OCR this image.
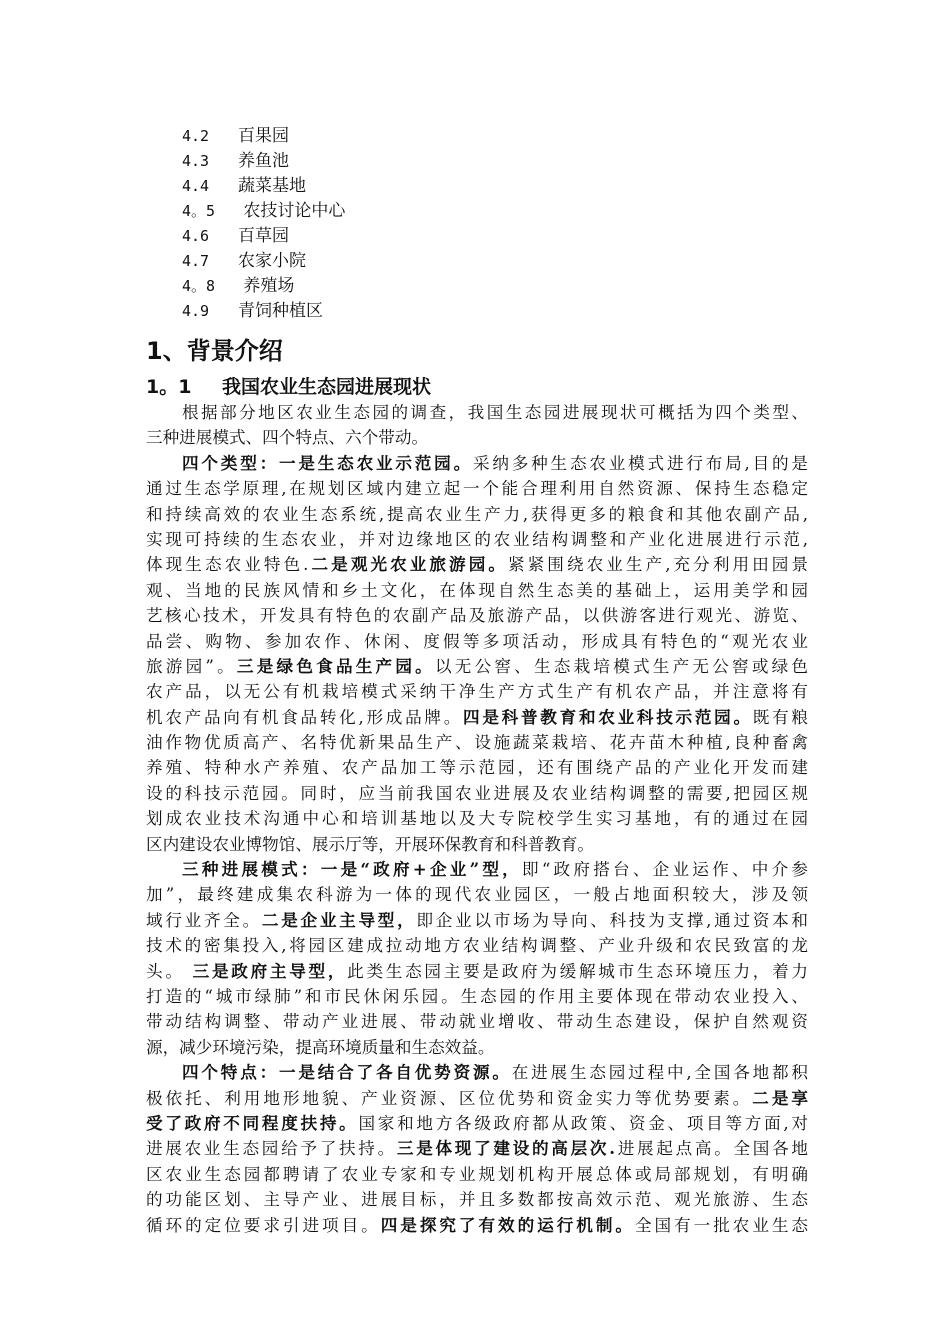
4.2 百果园
4.3 养鱼池
4.4 蔬菜基地
4。5 农技讨论中心
4.6 百草园
4.7 农家小院
4。8 养殖场
4.9 青饲种植区
1、背景介绍
1。1 我国农业生态园进展现状
根据部分地区农业生态园的调查，我国生态园进展现状可概括为四个类型、
三种进展模式、四个特点、六个带动。
四个类型：一是生态农业示范园。采纳多种生态农业模式进行布局,目的是
通过生态学原理,在规划区域内建立起一个能合理利用自然资源、保持生态稳定
和持续高效的农业生态系统,提高农业生产力,获得更多的粮食和其他农副产品,
实现可持续的生态农业，并对边缘地区的农业结构调整和产业化进展进行示范,
体现生态农业特色.二是观光农业旅游园。紧紧围绕农业生产,充分利用田园景
观、当地的民族风情和乡土文化，在体现自然生态美的基础上，运用美学和园
艺核心技术，开发具有特色的农副产品及旅游产品，以供游客进行观光、游览、
品尝、购物、参加农作、休闲、度假等多项活动，形成具有特色的“观光农业
旅游园”。三是绿色食品生产园。以无公窖、生态栽培模式生产无公窖或绿色
农产品，以无公有机栽培模式采纳干净生产方式生产有机农产品，并注意将有
机农产品向有机食品转化,形成品牌。四是科普教育和农业科技示范园。既有粮
油作物优质高产、名特优新果品生产、设施蔬菜栽培、花卉苗木种植,良种畜禽
养殖、特种水产养殖、农产品加工等示范园，还有围绕产品的产业化开发而建
设的科技示范园。同时，应当前我国农业进展及农业结构调整的需要,把园区规
划成农业技术沟通中心和培训基地以及大专院校学生实习基地，有的通过在园
区内建设农业博物馆、展示厅等，开展环保教育和科普教育。
三种进展模式：一是“政府+企业”型，即“政府搭台、企业运作、中介参
加”，最终建成集农科游为一体的现代农业园区，一般占地面积较大，涉及领
域行业齐全。二是企业主导型，即企业以市场为导向、科技为支撑,通过资本和
技术的密集投入,将园区建成拉动地方农业结构调整、产业升级和农民致富的龙
头。 三是政府主导型，此类生态园主要是政府为缓解城市生态环境压力，着力
打造的“城市绿肺”和市民休闲乐园。生态园的作用主要体现在带动农业投入、
带动结构调整、带动产业进展、带动就业增收、带动生态建设，保护自然观资
源，减少环境污染，提高环境质量和生态效益。
四个特点：一是结合了各自优势资源。在进展生态园过程中,全国各地都积
极依托、利用地形地貌、产业资源、区位优势和资金实力等优势要素。二是享
受了政府不同程度扶持。国家和地方各级政府都从政策、资金、项目等方面,对
进展农业生态园给予了扶持。三是体现了建设的高层次.进展起点高。全国各地
区农业生态园都聘请了农业专家和专业规划机构开展总体或局部规划，有明确
的功能区划、主导产业、进展目标，并且多数都按高效示范、观光旅游、生态
循环的定位要求引进项目。四是探究了有效的运行机制。全国有一批农业生态
